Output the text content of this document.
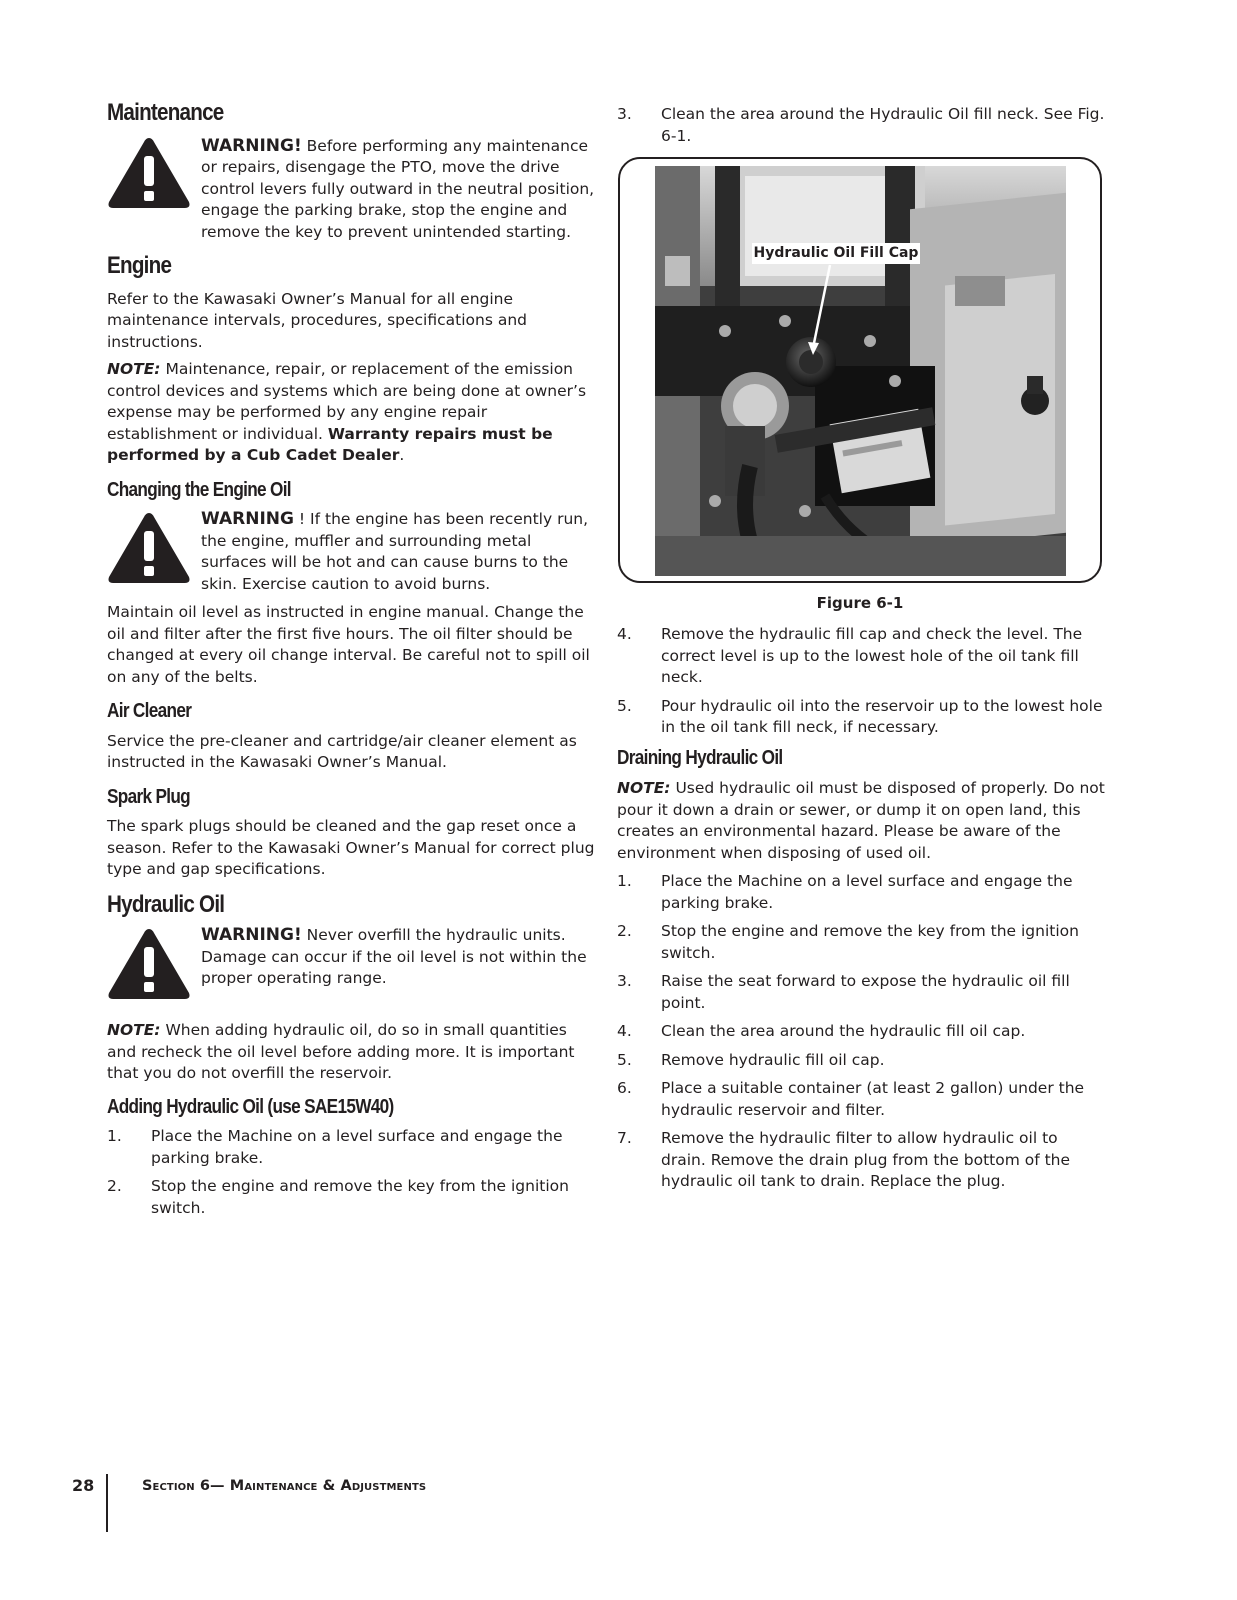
Maintenance

WARNING! Before performing any maintenance or repairs, disengage the PTO, move the drive control levers fully outward in the neutral position, engage the parking brake, stop the engine and remove the key to prevent unintended starting.

Engine

Refer to the Kawasaki Owner’s Manual for all engine maintenance intervals, procedures, specifications and instructions.

NOTE: Maintenance, repair, or replacement of the emission control devices and systems which are being done at owner’s expense may be performed by any engine repair establishment or individual. Warranty repairs must be performed by a Cub Cadet Dealer.

Changing the Engine Oil

WARNING ! If the engine has been recently run, the engine, muffler and surrounding metal surfaces will be hot and can cause burns to the skin. Exercise caution to avoid burns.

Maintain oil level as instructed in engine manual. Change the oil and filter after the first five hours. The oil filter should be changed at every oil change interval. Be careful not to spill oil on any of the belts.

Air Cleaner

Service the pre-cleaner and cartridge/air cleaner element as instructed in the Kawasaki Owner’s Manual.

Spark Plug

The spark plugs should be cleaned and the gap reset once a season. Refer to the Kawasaki Owner’s Manual for correct plug type and gap specifications.

Hydraulic Oil

WARNING! Never overfill the hydraulic units. Damage can occur if the oil level is not within the proper operating range.

NOTE: When adding hydraulic oil, do so in small quantities and recheck the oil level before adding more. It is important that you do not overfill the reservoir.

Adding Hydraulic Oil (use SAE15W40)
1. Place the Machine on a level surface and engage the parking brake.
2. Stop the engine and remove the key from the ignition switch.
3. Clean the area around the Hydraulic Oil fill neck. See Fig. 6-1.
Hydraulic Oil Fill Cap
Figure 6-1
4. Remove the hydraulic fill cap and check the level. The correct level is up to the lowest hole of the oil tank fill neck.
5. Pour hydraulic oil into the reservoir up to the lowest hole in the oil tank fill neck, if necessary.
Draining Hydraulic Oil

NOTE: Used hydraulic oil must be disposed of properly. Do not pour it down a drain or sewer, or dump it on open land, this creates an environmental hazard. Please be aware of the environment when disposing of used oil.

1. Place the Machine on a level surface and engage the parking brake.
2. Stop the engine and remove the key from the ignition switch.
3. Raise the seat forward to expose the hydraulic oil fill point.
4. Clean the area around the hydraulic fill oil cap.
5. Remove hydraulic fill oil cap.
6. Place a suitable container (at least 2 gallon) under the hydraulic reservoir and filter.
7. Remove the hydraulic filter to allow hydraulic oil to drain. Remove the drain plug from the bottom of the hydraulic oil tank to drain. Replace the plug.
28	Section 6— Maintenance & Adjustments
